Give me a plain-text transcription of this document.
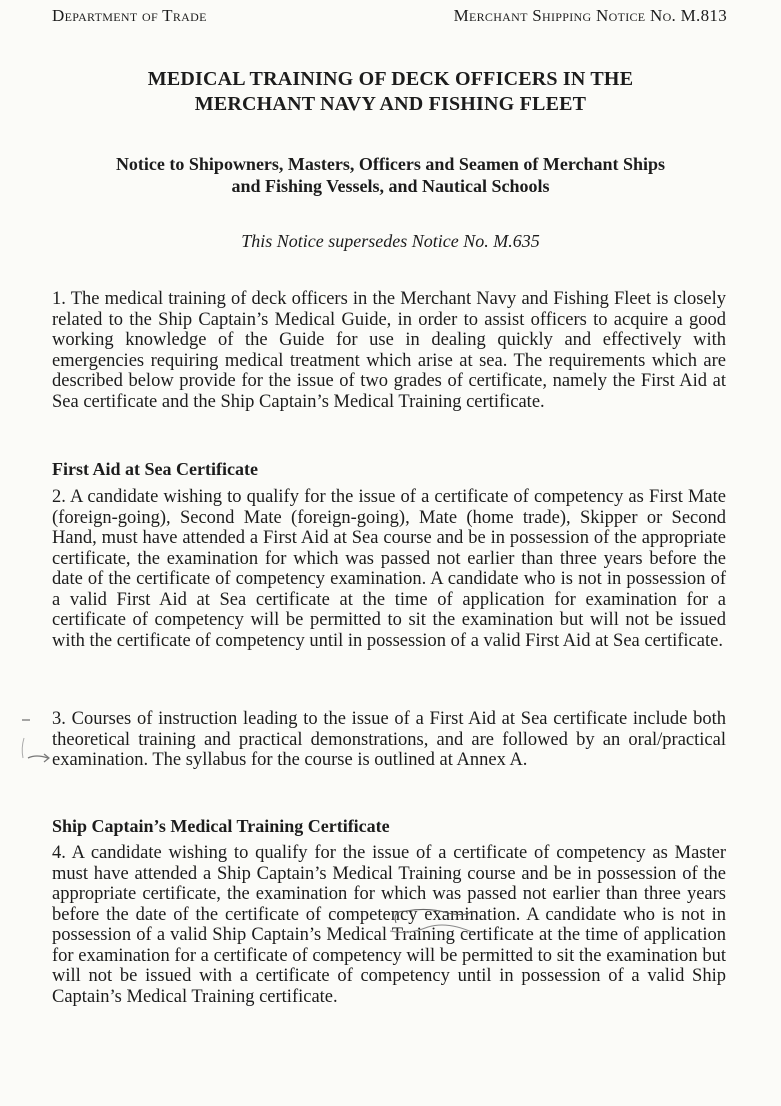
Department of Trade	Merchant Shipping Notice No. M.813
MEDICAL TRAINING OF DECK OFFICERS IN THE
MERCHANT NAVY AND FISHING FLEET
Notice to Shipowners, Masters, Officers and Seamen of Merchant Ships
and Fishing Vessels, and Nautical Schools
This Notice supersedes Notice No. M.635
1. The medical training of deck officers in the Merchant Navy and Fishing Fleet is closely related to the Ship Captain’s Medical Guide, in order to assist officers to acquire a good working knowledge of the Guide for use in dealing quickly and effectively with emergencies requiring medical treatment which arise at sea. The requirements which are described below provide for the issue of two grades of certificate, namely the First Aid at Sea certificate and the Ship Captain’s Medical Training certificate.
First Aid at Sea Certificate
2. A candidate wishing to qualify for the issue of a certificate of competency as First Mate (foreign-going), Second Mate (foreign-going), Mate (home trade), Skipper or Second Hand, must have attended a First Aid at Sea course and be in possession of the appropriate certificate, the examination for which was passed not earlier than three years before the date of the certificate of competency examination. A candidate who is not in possession of a valid First Aid at Sea certificate at the time of application for examination for a certificate of competency will be permitted to sit the examination but will not be issued with the certificate of competency until in possession of a valid First Aid at Sea certificate.
3. Courses of instruction leading to the issue of a First Aid at Sea certificate include both theoretical training and practical demonstrations, and are followed by an oral/practical examination. The syllabus for the course is outlined at Annex A.
Ship Captain’s Medical Training Certificate
4. A candidate wishing to qualify for the issue of a certificate of competency as Master must have attended a Ship Captain’s Medical Training course and be in possession of the appropriate certificate, the examination for which was passed not earlier than three years before the date of the certificate of competency examination. A candidate who is not in possession of a valid Ship Captain’s Medical Training certificate at the time of application for examination for a certificate of competency will be permitted to sit the examination but will not be issued with a certificate of competency until in possession of a valid Ship Captain’s Medical Training certificate.
